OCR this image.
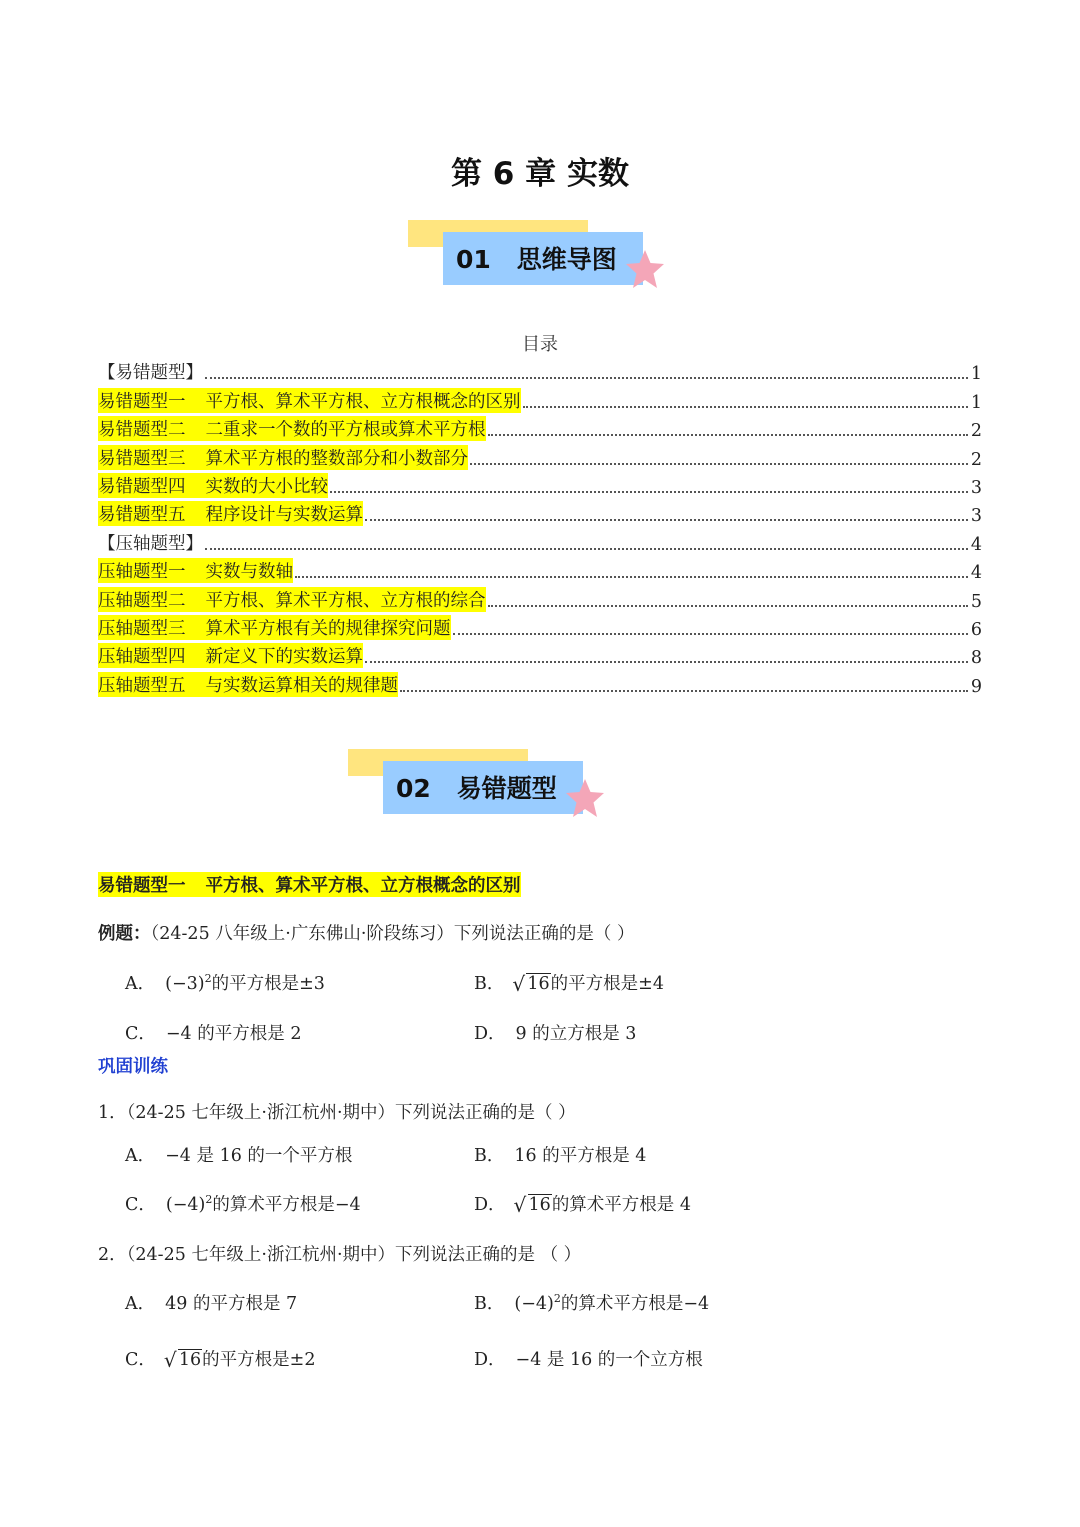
第 6 章 实数
01 思维导图
目录
【易错题型】	1
易错题型一 平方根、算术平方根、立方根概念的区别	1
易错题型二 二重求一个数的平方根或算术平方根	2
易错题型三 算术平方根的整数部分和小数部分	2
易错题型四 实数的大小比较	3
易错题型五 程序设计与实数运算	3
【压轴题型】	4
压轴题型一 实数与数轴	4
压轴题型二 平方根、算术平方根、立方根的综合	5
压轴题型三 算术平方根有关的规律探究问题	6
压轴题型四 新定义下的实数运算	8
压轴题型五 与实数运算相关的规律题	9
02 易错题型
易错题型一 平方根、算术平方根、立方根概念的区别
例题：（24-25 八年级上·广东佛山·阶段练习）下列说法正确的是（ ）
A． $(-3)^2$的平方根是±3	B． √ 16的平方根是±4
C． −4 的平方根是 2	D． 9 的立方根是 3
巩固训练
1．（24-25 七年级上·浙江杭州·期中）下列说法正确的是（ ）
A． −4 是 16 的一个平方根	B． 16 的平方根是 4
C． $(-4)^2$的算术平方根是−4	D． √ 16的算术平方根是 4
2．（24-25 七年级上·浙江杭州·期中）下列说法正确的是 （ ）
A． 49 的平方根是 7	B． $(-4)^2$的算术平方根是−4
C． √ 16的平方根是±2	D． −4 是 16 的一个立方根
